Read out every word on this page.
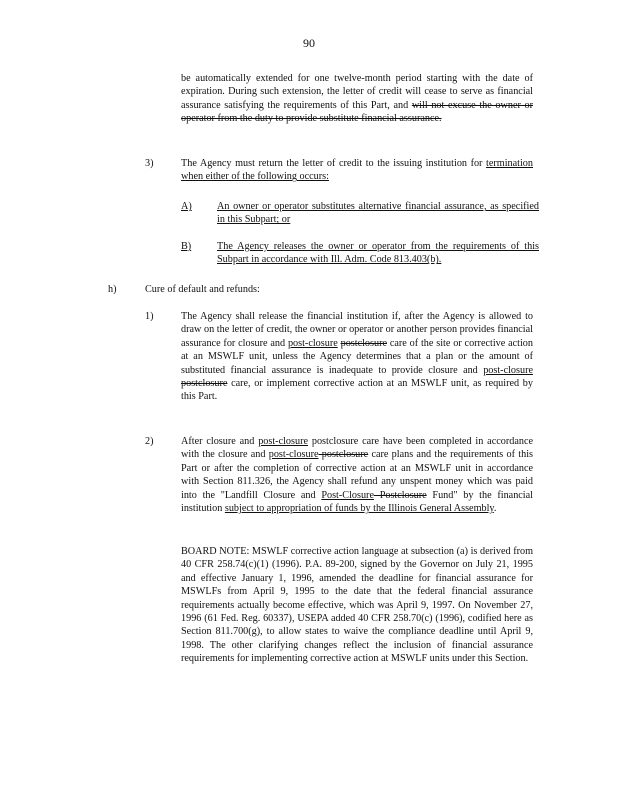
90
be automatically extended for one twelve-month period starting with the date of expiration. During such extension, the letter of credit will cease to serve as financial assurance satisfying the requirements of this Part, and will not excuse the owner or operator from the duty to provide substitute financial assurance.
3)	The Agency must return the letter of credit to the issuing institution for termination when either of the following occurs:
A) An owner or operator substitutes alternative financial assurance, as specified in this Subpart; or
B)	The Agency releases the owner or operator from the requirements of this Subpart in accordance with Ill. Adm. Code 813.403(b).
h)	Cure of default and refunds:
1)	The Agency shall release the financial institution if, after the Agency is allowed to draw on the letter of credit, the owner or operator or another person provides financial assurance for closure and post-closure postclosure care of the site or corrective action at an MSWLF unit, unless the Agency determines that a plan or the amount of substituted financial assurance is inadequate to provide closure and post-closure postclosure care, or implement corrective action at an MSWLF unit, as required by this Part.
2)	After closure and post-closure postclosure care have been completed in accordance with the closure and post-closure postclosure care plans and the requirements of this Part or after the completion of corrective action at an MSWLF unit in accordance with Section 811.326, the Agency shall refund any unspent money which was paid into the "Landfill Closure and Post-Closure Postclosure Fund" by the financial institution subject to appropriation of funds by the Illinois General Assembly.
BOARD NOTE: MSWLF corrective action language at subsection (a) is derived from 40 CFR 258.74(c)(1) (1996). P.A. 89-200, signed by the Governor on July 21, 1995 and effective January 1, 1996, amended the deadline for financial assurance for MSWLFs from April 9, 1995 to the date that the federal financial assurance requirements actually become effective, which was April 9, 1997. On November 27, 1996 (61 Fed. Reg. 60337), USEPA added 40 CFR 258.70(c) (1996), codified here as Section 811.700(g), to allow states to waive the compliance deadline until April 9, 1998. The other clarifying changes reflect the inclusion of financial assurance requirements for implementing corrective action at MSWLF units under this Section.
